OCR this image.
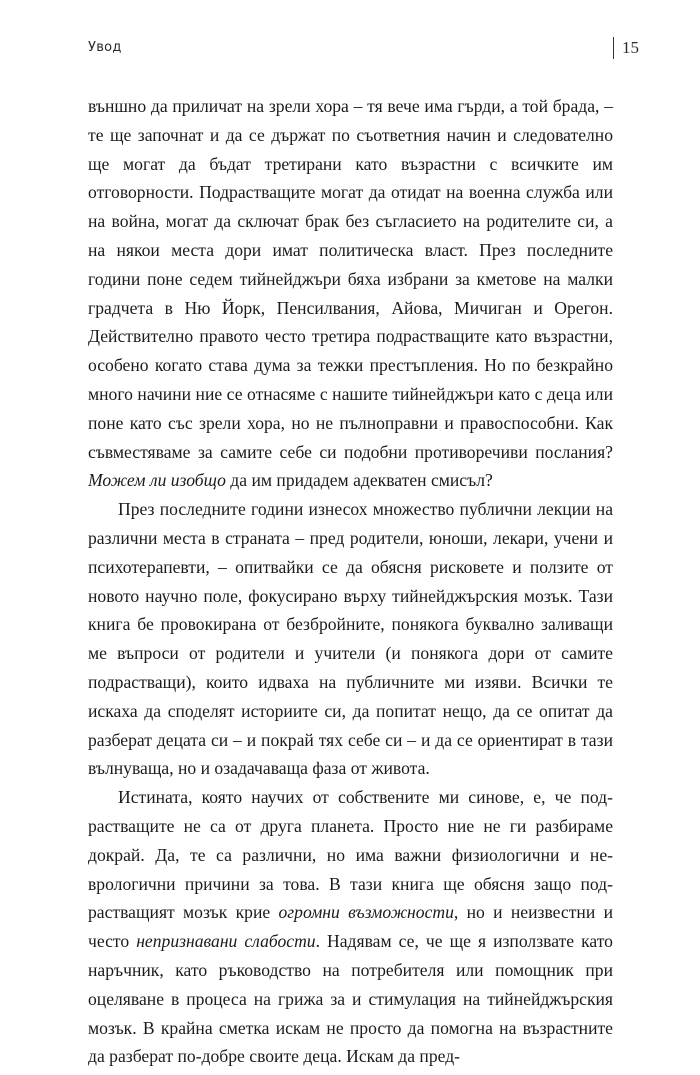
Увод	15

външно да приличат на зрели хора – тя вече има гърди, а той брада, – те ще започнат и да се държат по съответния начин и следователно ще могат да бъдат третирани като възрастни с всичките им отговорности. Подрастващите могат да отидат на военна служба или на война, могат да сключат брак без съгласието на родителите си, а на някои места дори имат политическа власт. През последните години поне седем тийнейджъри бяха избрани за кметове на малки градчета в Ню Йорк, Пенсилвания, Айова, Мичиган и Орегон. Действително правото често третира подрастващите като възрастни, особено когато става дума за тежки престъпления. Но по безкрайно много начини ние се отнасяме с нашите тийнейджъри като с деца или поне като със зрели хора, но не пълноправни и правоспособни. Как съвместяваме за самите себе си подобни противоречиви послания? Можем ли изобщо да им придадем адекватен смисъл?

През последните години изнесох множество публични лекции на различни места в страната – пред родители, юноши, лекари, учени и психотерапевти, – опитвайки се да обясня рисковете и ползите от новото научно поле, фокусирано върху тийнейджърския мозък. Тази книга бе провокирана от безбройните, понякога буквално заливащи ме въпроси от родители и учители (и понякога дори от самите подрастващи), които идваха на публичните ми изяви. Всички те искаха да споделят историите си, да попитат нещо, да се опитат да разберат децата си – и покрай тях себе си – и да се ориентират в тази вълнуваща, но и озадачаваща фаза от живота.

Истината, която научих от собствените ми синове, е, че подрастващите не са от друга планета. Просто ние не ги разбираме докрай. Да, те са различни, но има важни физиологични и неврологични причини за това. В тази книга ще обясня защо подрастващият мозък крие огромни възможности, но и неизвестни и често непризнавани слабости. Надявам се, че ще я използвате като наръчник, като ръководство на потребителя или помощник при оцеляване в процеса на грижа за и стимулация на тийнейджърския мозък. В крайна сметка искам не просто да помогна на възрастните да разберат по-добре своите деца. Искам да пред-
